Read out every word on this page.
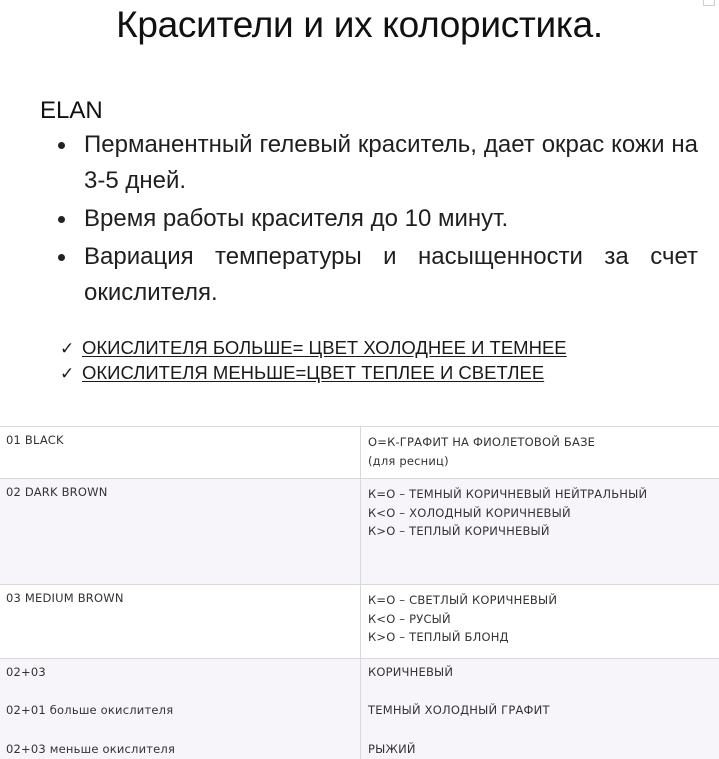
Красители и их колористика.
ELAN
Перманентный гелевый краситель, дает окрас кожи на 3-5 дней.
Время работы красителя до 10 минут.
Вариация температуры и насыщенности за счет окислителя.
✓ ОКИСЛИТЕЛЯ БОЛЬШЕ= ЦВЕТ ХОЛОДНЕЕ И ТЕМНЕЕ
✓ ОКИСЛИТЕЛЯ МЕНЬШЕ=ЦВЕТ ТЕПЛЕЕ И СВЕТЛЕЕ
01 BLACK	О=К-ГРАФИТ НА ФИОЛЕТОВОЙ БАЗЕ
(для ресниц)
02 DARK BROWN	К=О – ТЕМНЫЙ КОРИЧНЕВЫЙ НЕЙТРАЛЬНЫЙ
К<О – ХОЛОДНЫЙ КОРИЧНЕВЫЙ
К>О – ТЕПЛЫЙ КОРИЧНЕВЫЙ
03 MEDIUM BROWN	К=О – СВЕТЛЫЙ КОРИЧНЕВЫЙ
К<О – РУСЫЙ
К>О – ТЕПЛЫЙ БЛОНД
02+03	КОРИЧНЕВЫЙ
02+01 больше окислителя	ТЕМНЫЙ ХОЛОДНЫЙ ГРАФИТ
02+03 меньше окислителя	РЫЖИЙ
